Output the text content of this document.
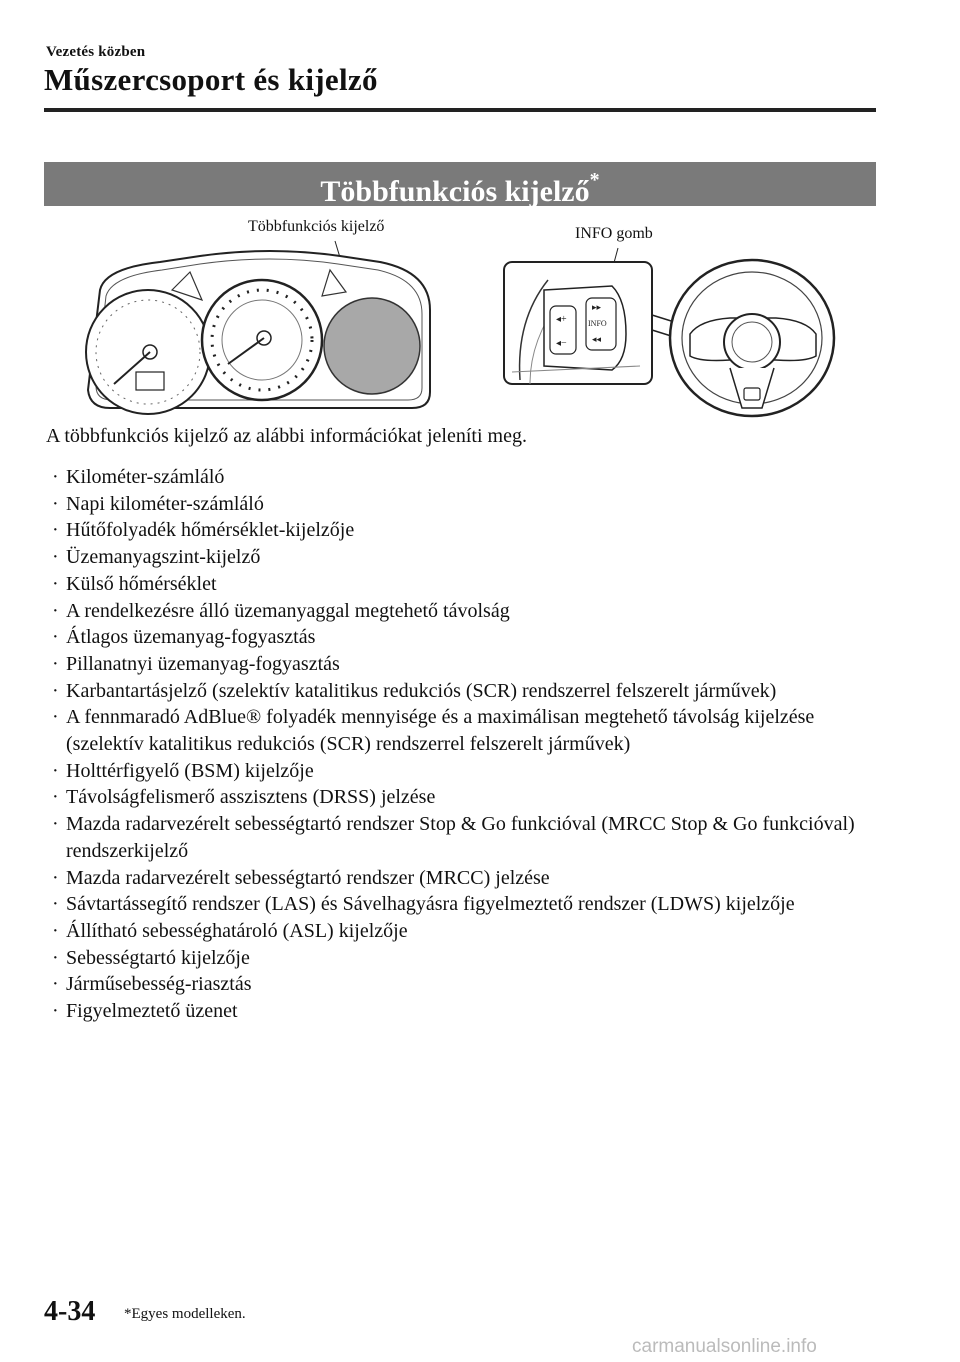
Vezetés közben
Műszercsoport és kijelző
Többfunkciós kijelző*
Többfunkciós kijelző	INFO gomb
◂+
◂−
▸▸
INFO
◂◂
A többfunkciós kijelző az alábbi információkat jeleníti meg.
· Kilométer-számláló
· Napi kilométer-számláló
· Hűtőfolyadék hőmérséklet-kijelzője
· Üzemanyagszint-kijelző
· Külső hőmérséklet
· A rendelkezésre álló üzemanyaggal megtehető távolság
· Átlagos üzemanyag-fogyasztás
· Pillanatnyi üzemanyag-fogyasztás
· Karbantartásjelző (szelektív katalitikus redukciós (SCR) rendszerrel felszerelt járművek)
· A fennmaradó AdBlue® folyadék mennyisége és a maximálisan megtehető távolság kijelzése (szelektív katalitikus redukciós (SCR) rendszerrel felszerelt járművek)
· Holttérfigyelő (BSM) kijelzője
· Távolságfelismerő asszisztens (DRSS) jelzése
· Mazda radarvezérelt sebességtartó rendszer Stop & Go funkcióval (MRCC Stop & Go funkcióval) rendszerkijelző
· Mazda radarvezérelt sebességtartó rendszer (MRCC) jelzése
· Sávtartássegítő rendszer (LAS) és Sávelhagyásra figyelmeztető rendszer (LDWS) kijelzője
· Állítható sebességhatároló (ASL) kijelzője
· Sebességtartó kijelzője
· Járműsebesség-riasztás
· Figyelmeztető üzenet
4-34 *Egyes modelleken.
carmanualsonline.info
